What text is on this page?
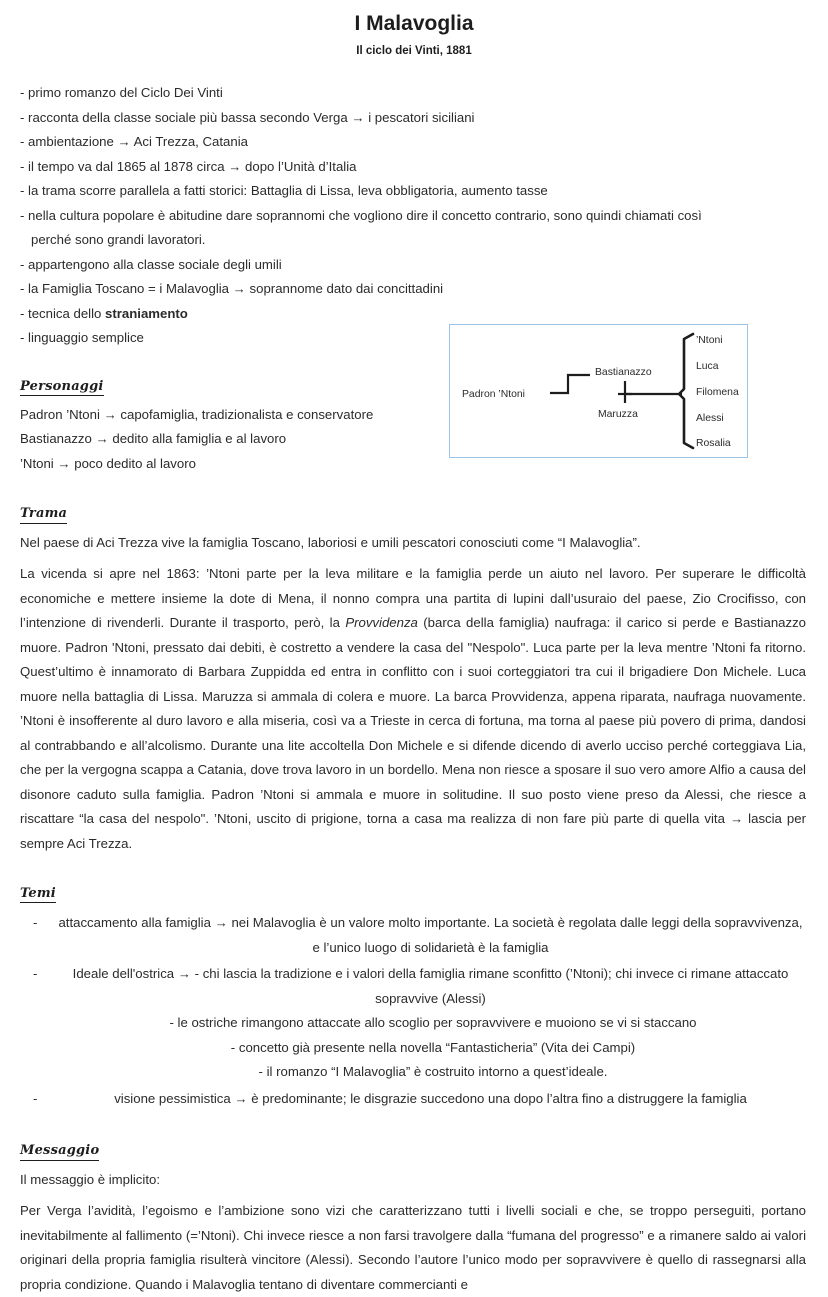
I Malavoglia
Il ciclo dei Vinti, 1881
- primo romanzo del Ciclo Dei Vinti
- racconta della classe sociale più bassa secondo Verga → i pescatori siciliani
- ambientazione → Aci Trezza, Catania
- il tempo va dal 1865 al 1878 circa → dopo l’Unità d’Italia
- la trama scorre parallela a fatti storici: Battaglia di Lissa, leva obbligatoria, aumento tasse
- nella cultura popolare è abitudine dare soprannomi che vogliono dire il concetto contrario, sono quindi chiamati così
perché sono grandi lavoratori.
- appartengono alla classe sociale degli umili
- la Famiglia Toscano = i Malavoglia → soprannome dato dai concittadini
- tecnica dello straniamento
- linguaggio semplice
Personaggi
Padron ’Ntoni → capofamiglia, tradizionalista e conservatore
Bastianazzo → dedito alla famiglia e al lavoro
’Ntoni → poco dedito al lavoro
Trama

Nel paese di Aci Trezza vive la famiglia Toscano, laboriosi e umili pescatori conosciuti come “I Malavoglia”.

La vicenda si apre nel 1863: ’Ntoni parte per la leva militare e la famiglia perde un aiuto nel lavoro. Per superare le difficoltà economiche e mettere insieme la dote di Mena, il nonno compra una partita di lupini dall’usuraio del paese, Zio Crocifisso, con l’intenzione di rivenderli. Durante il trasporto, però, la Provvidenza (barca della famiglia) naufraga: il carico si perde e Bastianazzo muore. Padron 'Ntoni, pressato dai debiti, è costretto a vendere la casa del "Nespolo". Luca parte per la leva mentre ’Ntoni fa ritorno. Quest’ultimo è innamorato di Barbara Zuppidda ed entra in conflitto con i suoi corteggiatori tra cui il brigadiere Don Michele. Luca muore nella battaglia di Lissa. Maruzza si ammala di colera e muore. La barca Provvidenza, appena riparata, naufraga nuovamente. ’Ntoni è insofferente al duro lavoro e alla miseria, così va a Trieste in cerca di fortuna, ma torna al paese più povero di prima, dandosi al contrabbando e all’alcolismo. Durante una lite accoltella Don Michele e si difende dicendo di averlo ucciso perché corteggiava Lia, che per la vergogna scappa a Catania, dove trova lavoro in un bordello. Mena non riesce a sposare il suo vero amore Alfio a causa del disonore caduto sulla famiglia. Padron ’Ntoni si ammala e muore in solitudine. Il suo posto viene preso da Alessi, che riesce a riscattare “la casa del nespolo". ’Ntoni, uscito di prigione, torna a casa ma realizza di non fare più parte di quella vita → lascia per sempre Aci Trezza.

Temi
-	attaccamento alla famiglia → nei Malavoglia è un valore molto importante. La società è regolata dalle leggi della sopravvivenza, e l’unico luogo di solidarietà è la famiglia
-	Ideale dell'ostrica → - chi lascia la tradizione e i valori della famiglia rimane sconfitto (’Ntoni); chi invece ci rimane attaccato sopravvive (Alessi)
- le ostriche rimangono attaccate allo scoglio per sopravvivere e muoiono se vi si staccano
- concetto già presente nella novella “Fantasticheria” (Vita dei Campi)
- il romanzo “I Malavoglia” è costruito intorno a quest’ideale.
-	visione pessimistica → è predominante; le disgrazie succedono una dopo l’altra fino a distruggere la famiglia
Messaggio

Il messaggio è implicito:

Per Verga l’avidità, l’egoismo e l’ambizione sono vizi che caratterizzano tutti i livelli sociali e che, se troppo perseguiti, portano inevitabilmente al fallimento (=’Ntoni). Chi invece riesce a non farsi travolgere dalla “fumana del progresso” e a rimanere saldo ai valori originari della propria famiglia risulterà vincitore (Alessi). Secondo l’autore l’unico modo per sopravvivere è quello di rassegnarsi alla propria condizione. Quando i Malavoglia tentano di diventare commercianti e

Padron ’Ntoni
Bastianazzo
Maruzza
’Ntoni
Luca
Filomena
Alessi
Rosalia
